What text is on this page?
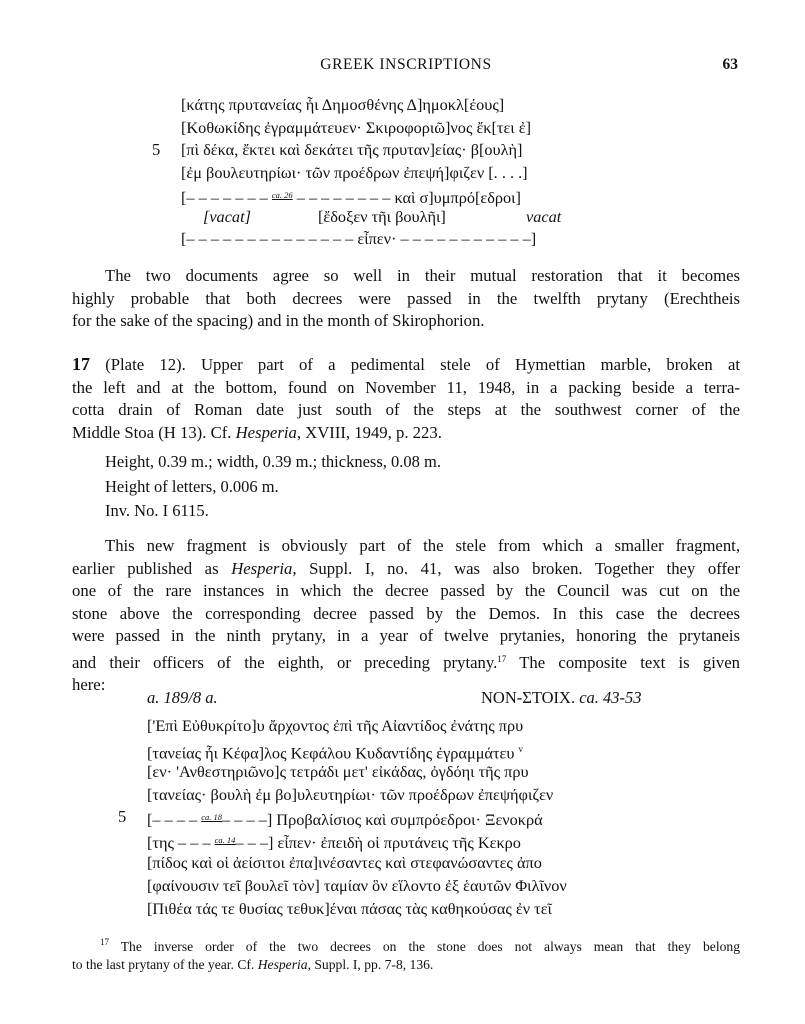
GREEK INSCRIPTIONS	63
[κάτης πρυτανείας ἧι Δημοσθένης Δ]ημοκλ[έους]
[Κοθωκίδης ἐγραμμάτευεν· Σκιροφοριῶ]νος ἔκ[τει ἐ]
5 [πὶ δέκα, ἔκτει καὶ δεκάτει τῆς πρυταν]είας· β[ουλὴ]
[ἐμ βουλευτηρίωι· τῶν προέδρων ἐπεψή]φιζεν [. . . .]
[– – – – – – – $^{ca. 26}$ – – – – – – – – καὶ σ]υμπρό[εδροι]
[vacat]	[ἔδοξεν τῆι βουλῆι]	vacat
[– – – – – – – – – – – – – – εἶπεν· – – – – – – – – – – –]
The two documents agree so well in their mutual restoration that it becomes
highly probable that both decrees were passed in the twelfth prytany (Erechtheis
for the sake of the spacing) and in the month of Skirophorion.
17 (Plate 12). Upper part of a pedimental stele of Hymettian marble, broken at
the left and at the bottom, found on November 11, 1948, in a packing beside a terra-
cotta drain of Roman date just south of the steps at the southwest corner of the
Middle Stoa (H 13). Cf. Hesperia, XVIII, 1949, p. 223.
Height, 0.39 m.; width, 0.39 m.; thickness, 0.08 m.
Height of letters, 0.006 m.
Inv. No. I 6115.
This new fragment is obviously part of the stele from which a smaller fragment,
earlier published as Hesperia, Suppl. I, no. 41, was also broken. Together they offer
one of the rare instances in which the decree passed by the Council was cut on the
stone above the corresponding decree passed by the Demos. In this case the decrees
were passed in the ninth prytany, in a year of twelve prytanies, honoring the prytaneis
and their officers of the eighth, or preceding prytany.$^{17}$ The composite text is given
here:
a. 189/8 a.	NON-ΣΤΟΙΧ. ca. 43-53
['Επὶ Εὐθυκρίτο]υ ἄρχοντος ἐπὶ τῆς Αἰαντίδος ἐνάτης πρυ
[τανείας ἧι Κέφα]λος Κεφάλου Κυδαντίδης ἐγραμμάτευ $^v$
[εν· 'Ανθεστηριῶνο]ς τετράδι μετ' εἰκάδας, ὀγδόηι τῆς πρυ
[τανείας· βουλὴ ἐμ βο]υλευτηρίωι· τῶν προέδρων ἐπεψήφιζεν
5 [– – – – $^{ca. 18}$– – – –] Προβαλίσιος καὶ συμπρόεδροι· Ξενοκρά
[της – – – $^{ca. 14}$– – –] εἶπεν· ἐπειδὴ οἱ πρυτάνεις τῆς Κεκρο
[πίδος καὶ οἱ ἀείσιτοι ἐπα]ινέσαντες καὶ στεφανώσαντες ἀπο
[φαίνουσιν τεῖ βουλεῖ τὸν] ταμίαν ὃν εἵλοντο ἐξ ἑαυτῶν Φιλῖνον
[Πιθέα τάς τε θυσίας τεθυκ]έναι πάσας τὰς καθηκούσας ἐν τεῖ
$^{17}$ The inverse order of the two decrees on the stone does not always mean that they belong
to the last prytany of the year. Cf. Hesperia, Suppl. I, pp. 7-8, 136.
